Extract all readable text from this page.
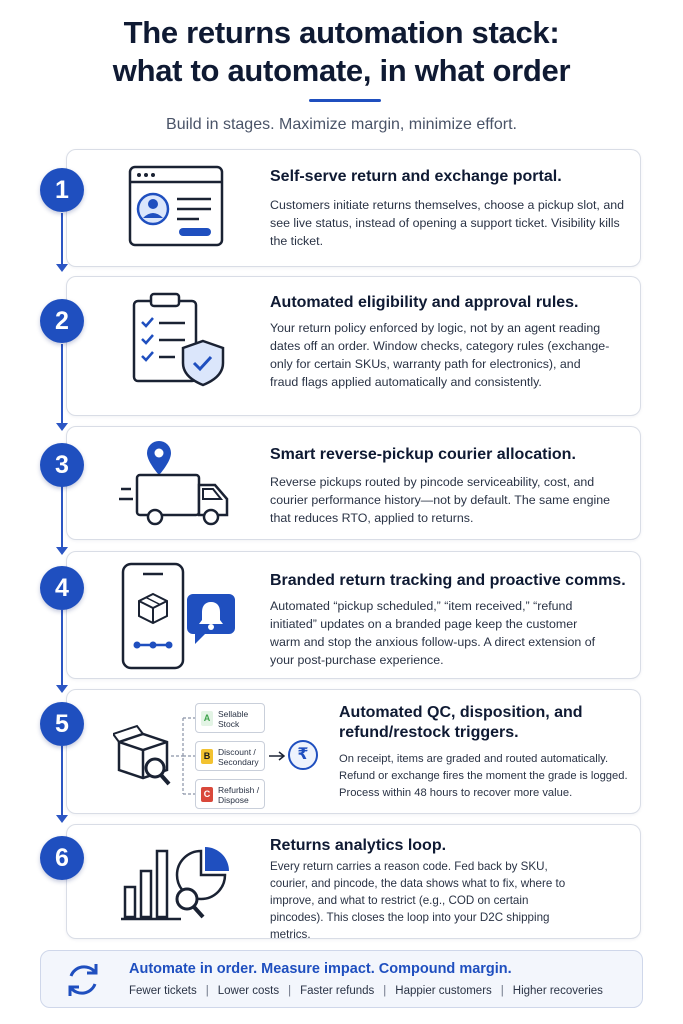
The returns automation stack:
what to automate, in what order
Build in stages. Maximize margin, minimize effort.
Self-serve return and exchange portal.
Customers initiate returns themselves, choose a pickup slot, and see live status, instead of opening a support ticket. Visibility kills the ticket.
1
Automated eligibility and approval rules.
Your return policy enforced by logic, not by an agent reading dates off an order. Window checks, category rules (exchange-only for certain SKUs, warranty path for electronics), and fraud flags applied automatically and consistently.
2
Smart reverse-pickup courier allocation.
Reverse pickups routed by pincode serviceability, cost, and courier performance history—not by default. The same engine that reduces RTO, applied to returns.
3
Branded return tracking and proactive comms.
Automated “pickup scheduled,” “item received,” “refund initiated” updates on a branded page keep the customer warm and stop the anxious follow-ups. A direct extension of your post-purchase experience.
4
A Sellable
Stock
B Discount /
Secondary
C Refurbish /
Dispose
₹
Automated QC, disposition, and
refund/restock triggers.
On receipt, items are graded and routed automatically. Refund or exchange fires the moment the grade is logged. Process within 48 hours to recover more value.
5
Returns analytics loop.
Every return carries a reason code. Fed back by SKU, courier, and pincode, the data shows what to fix, where to improve, and what to restrict (e.g., COD on certain pincodes). This closes the loop into your D2C shipping metrics.
6
Automate in order. Measure impact. Compound margin.
Fewer tickets | Lower costs | Faster refunds | Happier customers | Higher recoveries
